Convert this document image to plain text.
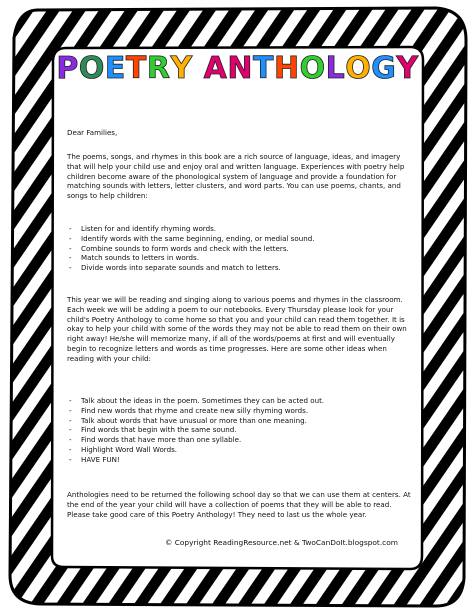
POETRY ANTHOLOGY

Dear Families,

The poems, songs, and rhymes in this book are a rich source of language, ideas, and imagery that will help your child use and enjoy oral and written language. Experiences with poetry help children become aware of the phonological system of language and provide a foundation for matching sounds with letters, letter clusters, and word parts. You can use poems, chants, and songs to help children:

- Listen for and identify rhyming words.
- Identify words with the same beginning, ending, or medial sound.
- Combine sounds to form words and check with the letters.
- Match sounds to letters in words.
- Divide words into separate sounds and match to letters.

This year we will be reading and singing along to various poems and rhymes in the classroom. Each week we will be adding a poem to our notebooks. Every Thursday please look for your child's Poetry Anthology to come home so that you and your child can read them together. It is okay to help your child with some of the words they may not be able to read them on their own right away! He/she will memorize many, if all of the words/poems at first and will eventually begin to recognize letters and words as time progresses. Here are some other ideas when reading with your child:

- Talk about the ideas in the poem. Sometimes they can be acted out.
- Find new words that rhyme and create new silly rhyming words.
- Talk about words that have unusual or more than one meaning.
- Find words that begin with the same sound.
- Find words that have more than one syllable.
- Highlight Word Wall Words.
- HAVE FUN!

Anthologies need to be returned the following school day so that we can use them at centers. At the end of the year your child will have a collection of poems that they will be able to read. Please take good care of this Poetry Anthology! They need to last us the whole year.

© Copyright ReadingResource.net & TwoCanDoIt.blogspot.com
